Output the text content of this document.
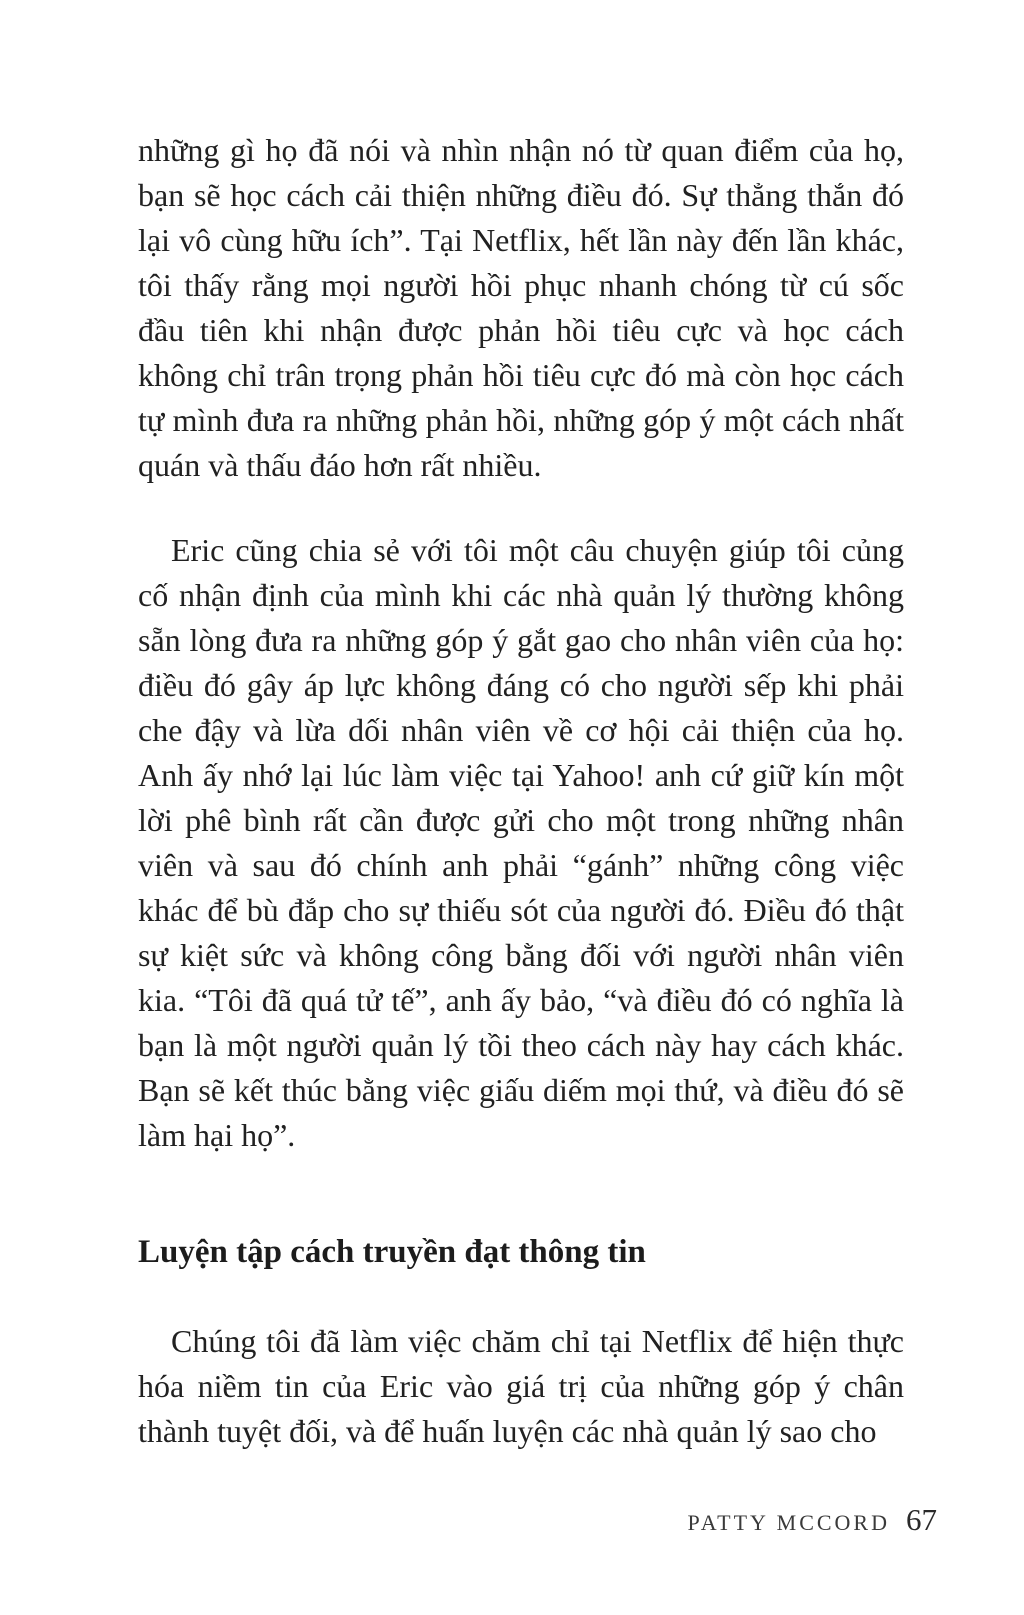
những gì họ đã nói và nhìn nhận nó từ quan điểm của họ, bạn sẽ học cách cải thiện những điều đó. Sự thẳng thắn đó lại vô cùng hữu ích”. Tại Netflix, hết lần này đến lần khác, tôi thấy rằng mọi người hồi phục nhanh chóng từ cú sốc đầu tiên khi nhận được phản hồi tiêu cực và học cách không chỉ trân trọng phản hồi tiêu cực đó mà còn học cách tự mình đưa ra những phản hồi, những góp ý một cách nhất quán và thấu đáo hơn rất nhiều.

Eric cũng chia sẻ với tôi một câu chuyện giúp tôi củng cố nhận định của mình khi các nhà quản lý thường không sẵn lòng đưa ra những góp ý gắt gao cho nhân viên của họ: điều đó gây áp lực không đáng có cho người sếp khi phải che đậy và lừa dối nhân viên về cơ hội cải thiện của họ. Anh ấy nhớ lại lúc làm việc tại Yahoo! anh cứ giữ kín một lời phê bình rất cần được gửi cho một trong những nhân viên và sau đó chính anh phải “gánh” những công việc khác để bù đắp cho sự thiếu sót của người đó. Điều đó thật sự kiệt sức và không công bằng đối với người nhân viên kia. “Tôi đã quá tử tế”, anh ấy bảo, “và điều đó có nghĩa là bạn là một người quản lý tồi theo cách này hay cách khác. Bạn sẽ kết thúc bằng việc giấu diếm mọi thứ, và điều đó sẽ làm hại họ”.

Luyện tập cách truyền đạt thông tin

Chúng tôi đã làm việc chăm chỉ tại Netflix để hiện thực hóa niềm tin của Eric vào giá trị của những góp ý chân thành tuyệt đối, và để huấn luyện các nhà quản lý sao cho

PATTY MCCORD 67
